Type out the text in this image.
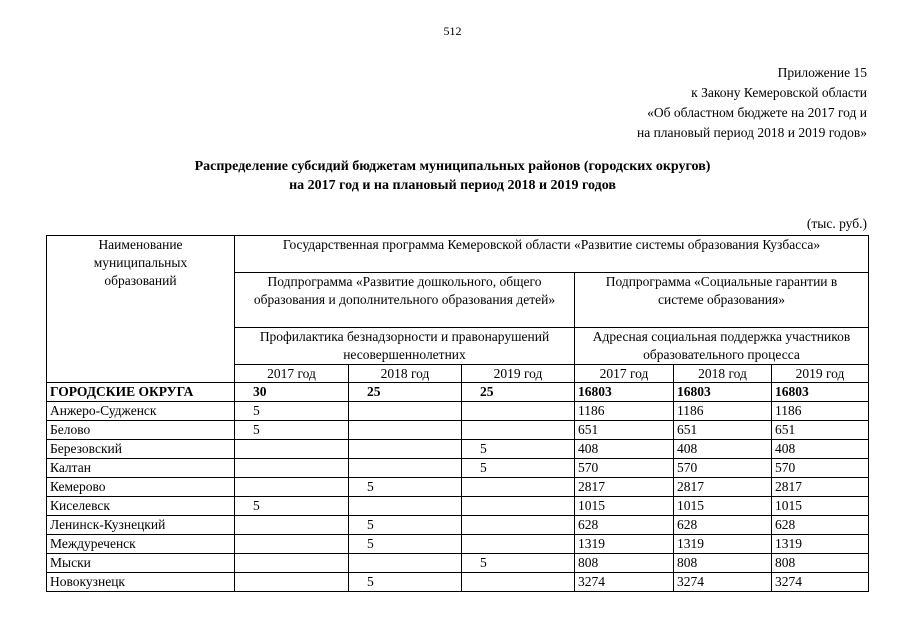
512
Приложение 15
к Закону Кемеровской области
«Об областном бюджете на 2017 год и
на плановый период 2018 и 2019 годов»
Распределение субсидий бюджетам муниципальных районов (городских округов)
на 2017 год и на плановый период 2018 и 2019 годов
(тыс. руб.)
Наименование муниципальных образований	Государственная программа Кемеровской области «Развитие системы образования Кузбасса»					
	Подпрограмма «Развитие дошкольного, общего образования и дополнительного образования детей»			Подпрограмма «Социальные гарантии в системе образования»		
	Профилактика безнадзорности и правонарушений несовершеннолетних			Адресная социальная поддержка участников образовательного процесса		
	2017 год	2018 год	2019 год	2017 год	2018 год	2019 год
ГОРОДСКИЕ ОКРУГА	30	25	25	16803	16803	16803
Анжеро-Судженск	5			1186	1186	1186
Белово	5			651	651	651
Березовский			5	408	408	408
Калтан			5	570	570	570
Кемерово		5		2817	2817	2817
Киселевск	5			1015	1015	1015
Ленинск-Кузнецкий		5		628	628	628
Междуреченск		5		1319	1319	1319
Мыски			5	808	808	808
Новокузнецк		5		3274	3274	3274
